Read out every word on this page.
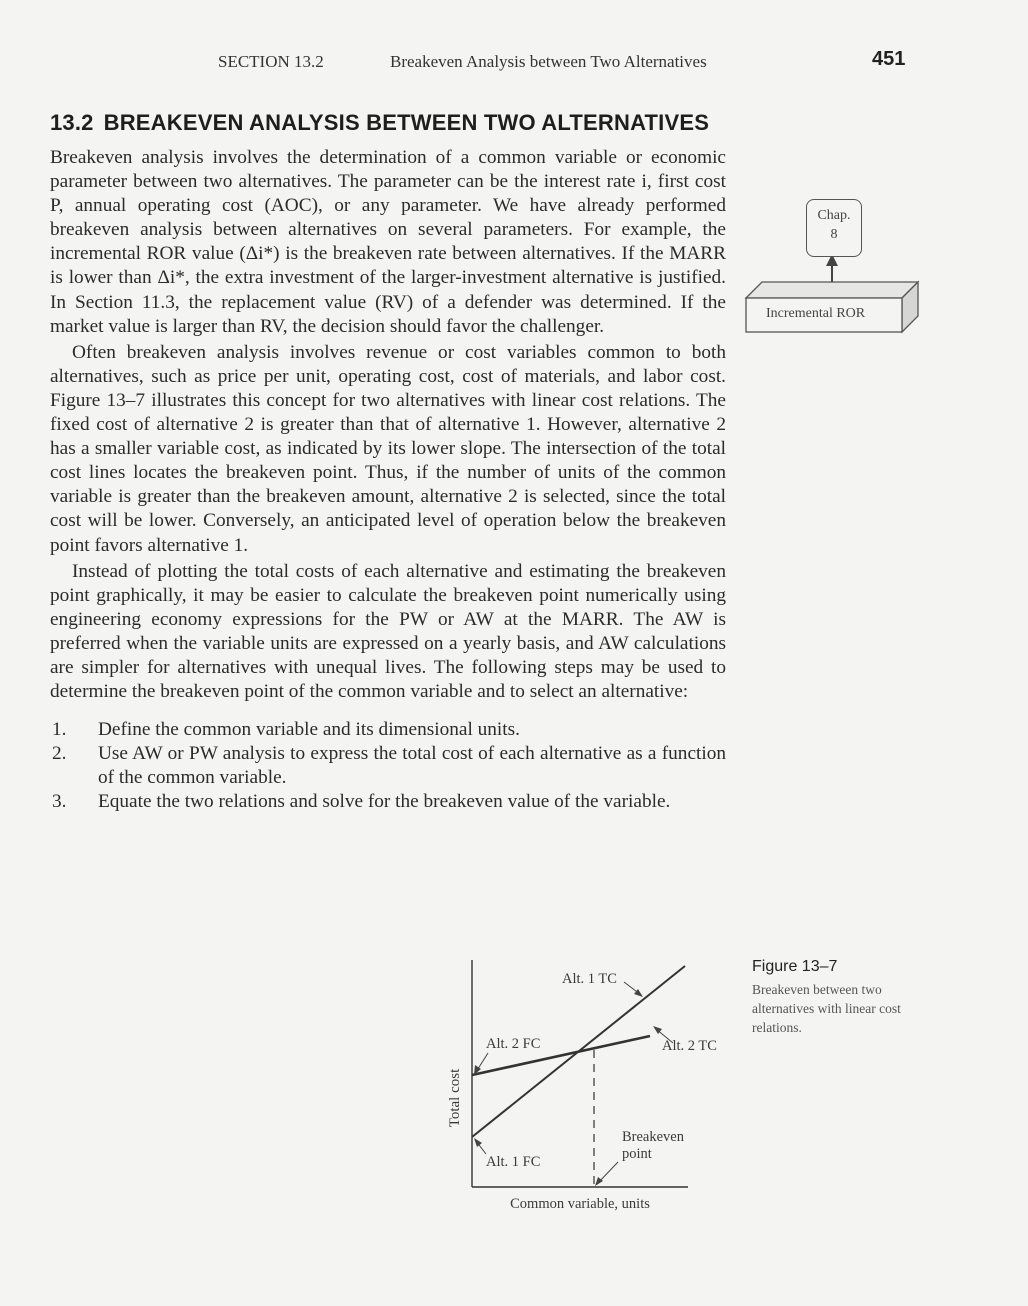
SECTION 13.2	Breakeven Analysis between Two Alternatives	451
13.2 BREAKEVEN ANALYSIS BETWEEN TWO ALTERNATIVES

Breakeven analysis involves the determination of a common variable or economic parameter between two alternatives. The parameter can be the interest rate i, first cost P, annual operating cost (AOC), or any parameter. We have already performed breakeven analysis between alternatives on several parameters. For example, the incremental ROR value (Δi*) is the breakeven rate between alternatives. If the MARR is lower than Δi*, the extra investment of the larger-investment alternative is justified. In Section 11.3, the replacement value (RV) of a defender was determined. If the market value is larger than RV, the decision should favor the challenger.

Often breakeven analysis involves revenue or cost variables common to both alternatives, such as price per unit, operating cost, cost of materials, and labor cost. Figure 13–7 illustrates this concept for two alternatives with linear cost relations. The fixed cost of alternative 2 is greater than that of alternative 1. However, alternative 2 has a smaller variable cost, as indicated by its lower slope. The intersection of the total cost lines locates the breakeven point. Thus, if the number of units of the common variable is greater than the breakeven amount, alternative 2 is selected, since the total cost will be lower. Conversely, an anticipated level of operation below the breakeven point favors alternative 1.

Instead of plotting the total costs of each alternative and estimating the breakeven point graphically, it may be easier to calculate the breakeven point numerically using engineering economy expressions for the PW or AW at the MARR. The AW is preferred when the variable units are expressed on a yearly basis, and AW calculations are simpler for alternatives with unequal lives. The following steps may be used to determine the breakeven point of the common variable and to select an alternative:

1. Define the common variable and its dimensional units.
2. Use AW or PW analysis to express the total cost of each alternative as a function of the common variable.
3. Equate the two relations and solve for the breakeven value of the variable.
Chap.
8
Incremental ROR
Total cost
Alt. 1 TC
Alt. 2 FC	Alt. 2 TC
Alt. 1 FC
Breakeven
point
Common variable, units
Figure 13–7
Breakeven between two alternatives with linear cost relations.
